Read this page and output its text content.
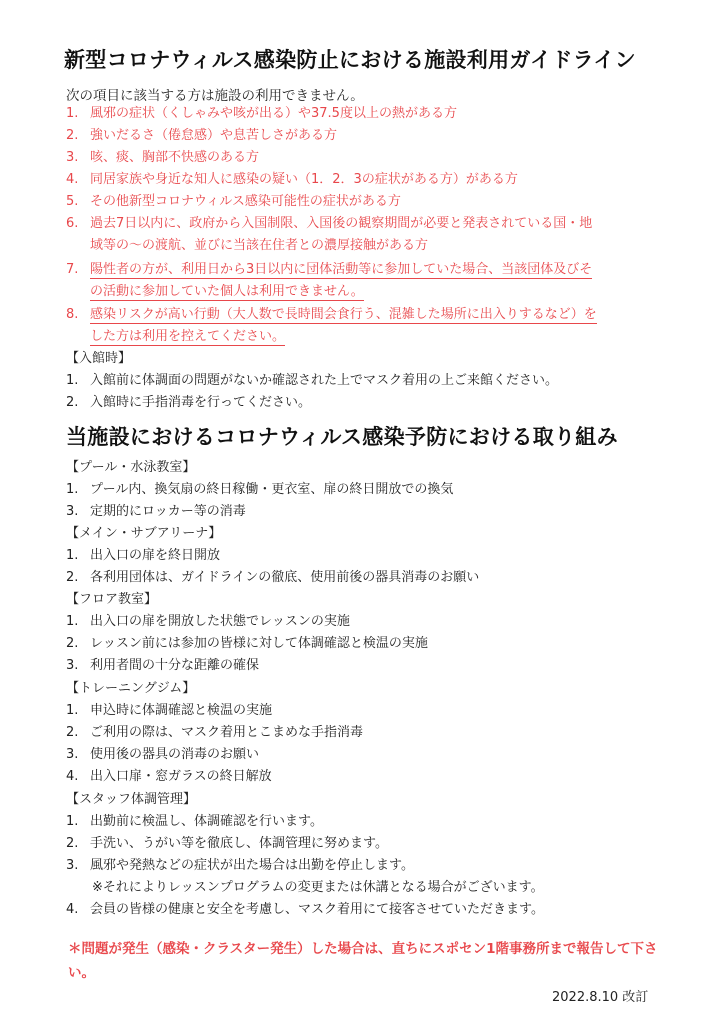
新型コロナウィルス感染防止における施設利用ガイドライン
次の項目に該当する方は施設の利用できません。
1. 風邪の症状（くしゃみや咳が出る）や37.5度以上の熱がある方
2. 強いだるさ（倦怠感）や息苦しさがある方
3. 咳、痰、胸部不快感のある方
4. 同居家族や身近な知人に感染の疑い（1．2．3の症状がある方）がある方
5. その他新型コロナウィルス感染可能性の症状がある方
6. 過去7日以内に、政府から入国制限、入国後の観察期間が必要と発表されている国・地
域等の〜の渡航、並びに当該在住者との濃厚接触がある方
7. 陽性者の方が、利用日から3日以内に団体活動等に参加していた場合、当該団体及びそ
の活動に参加していた個人は利用できません。
8. 感染リスクが高い行動（大人数で長時間会食行う、混雑した場所に出入りするなど）を
した方は利用を控えてください。
【入館時】
1. 入館前に体調面の問題がないか確認された上でマスク着用の上ご来館ください。
2. 入館時に手指消毒を行ってください。
当施設におけるコロナウィルス感染予防における取り組み
【プール・水泳教室】
1. プール内、換気扇の終日稼働・更衣室、扉の終日開放での換気
3. 定期的にロッカー等の消毒
【メイン・サブアリーナ】
1. 出入口の扉を終日開放
2. 各利用団体は、ガイドラインの徹底、使用前後の器具消毒のお願い
【フロア教室】
1. 出入口の扉を開放した状態でレッスンの実施
2. レッスン前には参加の皆様に対して体調確認と検温の実施
3. 利用者間の十分な距離の確保
【トレーニングジム】
1. 申込時に体調確認と検温の実施
2. ご利用の際は、マスク着用とこまめな手指消毒
3. 使用後の器具の消毒のお願い
4. 出入口扉・窓ガラスの終日解放
【スタッフ体調管理】
1. 出勤前に検温し、体調確認を行います。
2. 手洗い、うがい等を徹底し、体調管理に努めます。
3. 風邪や発熱などの症状が出た場合は出勤を停止します。
※それによりレッスンプログラムの変更または休講となる場合がございます。
4. 会員の皆様の健康と安全を考慮し、マスク着用にて接客させていただきます。
＊問題が発生（感染・クラスター発生）した場合は、直ちにスポセン1階事務所まで報告して下さい。
2022.8.10 改訂
